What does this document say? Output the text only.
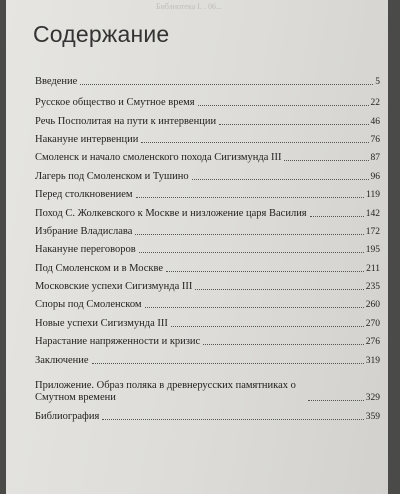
Библиотека I. . 06...
Содержание
Введение	5
Русское общество и Смутное время	22
Речь Посполитая на пути к интервенции	46
Накануне интервенции	76
Смоленск и начало смоленского похода Сигизмунда III	87
Лагерь под Смоленском и Тушино	96
Перед столкновением	119
Поход С. Жолкевского к Москве и низложение царя Василия	142
Избрание Владислава	172
Накануне переговоров	195
Под Смоленском и в Москве	211
Московские успехи Сигизмунда III	235
Споры под Смоленском	260
Новые успехи Сигизмунда III	270
Нарастание напряженности и кризис	276
Заключение	319
Приложение. Образ поляка в древнерусских памятниках о Смутном времени	329
Библиография	359
